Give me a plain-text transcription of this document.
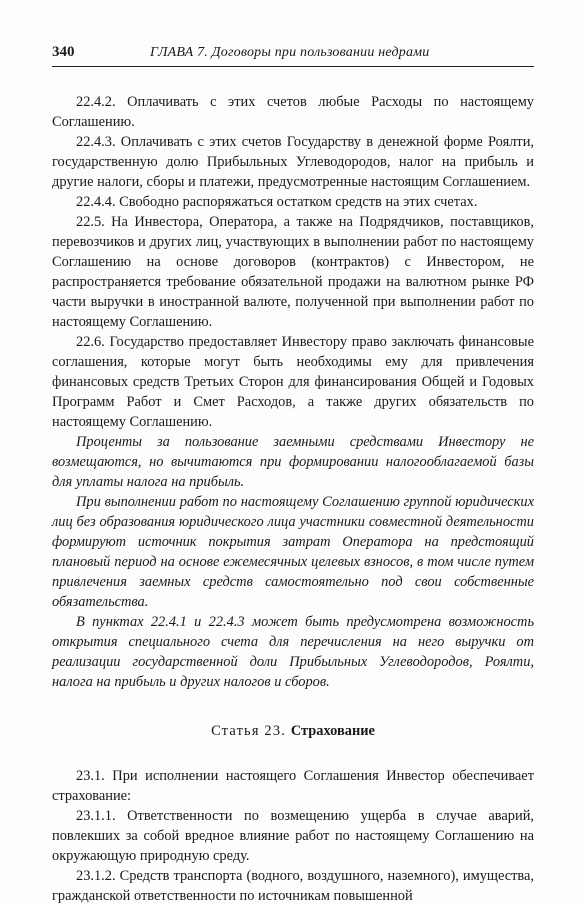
340	ГЛАВА 7. Договоры при пользовании недрами

22.4.2. Оплачивать с этих счетов любые Расходы по настоящему Соглашению.

22.4.3. Оплачивать с этих счетов Государству в денежной форме Роялти, государственную долю Прибыльных Углеводородов, налог на прибыль и другие налоги, сборы и платежи, предусмотренные настоящим Соглашением.

22.4.4. Свободно распоряжаться остатком средств на этих счетах.

22.5. На Инвестора, Оператора, а также на Подрядчиков, поставщиков, перевозчиков и других лиц, участвующих в выполнении работ по настоящему Соглашению на основе договоров (контрактов) с Инвестором, не распространяется требование обязательной продажи на валютном рынке РФ части выручки в иностранной валюте, полученной при выполнении работ по настоящему Соглашению.

22.6. Государство предоставляет Инвестору право заключать финансовые соглашения, которые могут быть необходимы ему для привлечения финансовых средств Третьих Сторон для финансирования Общей и Годовых Программ Работ и Смет Расходов, а также других обязательств по настоящему Соглашению.

Проценты за пользование заемными средствами Инвестору не возмещаются, но вычитаются при формировании налогооблагаемой базы для уплаты налога на прибыль.

При выполнении работ по настоящему Соглашению группой юридических лиц без образования юридического лица участники совместной деятельности формируют источник покрытия затрат Оператора на предстоящий плановый период на основе ежемесячных целевых взносов, в том числе путем привлечения заемных средств самостоятельно под свои собственные обязательства.

В пунктах 22.4.1 и 22.4.3 может быть предусмотрена возможность открытия специального счета для перечисления на него выручки от реализации государственной доли Прибыльных Углеводородов, Роялти, налога на прибыль и других налогов и сборов.

Статья 23. Страхование

23.1. При исполнении настоящего Соглашения Инвестор обеспечивает страхование:

23.1.1. Ответственности по возмещению ущерба в случае аварий, повлекших за собой вредное влияние работ по настоящему Соглашению на окружающую природную среду.

23.1.2. Средств транспорта (водного, воздушного, наземного), имущества, гражданской ответственности по источникам повышенной
